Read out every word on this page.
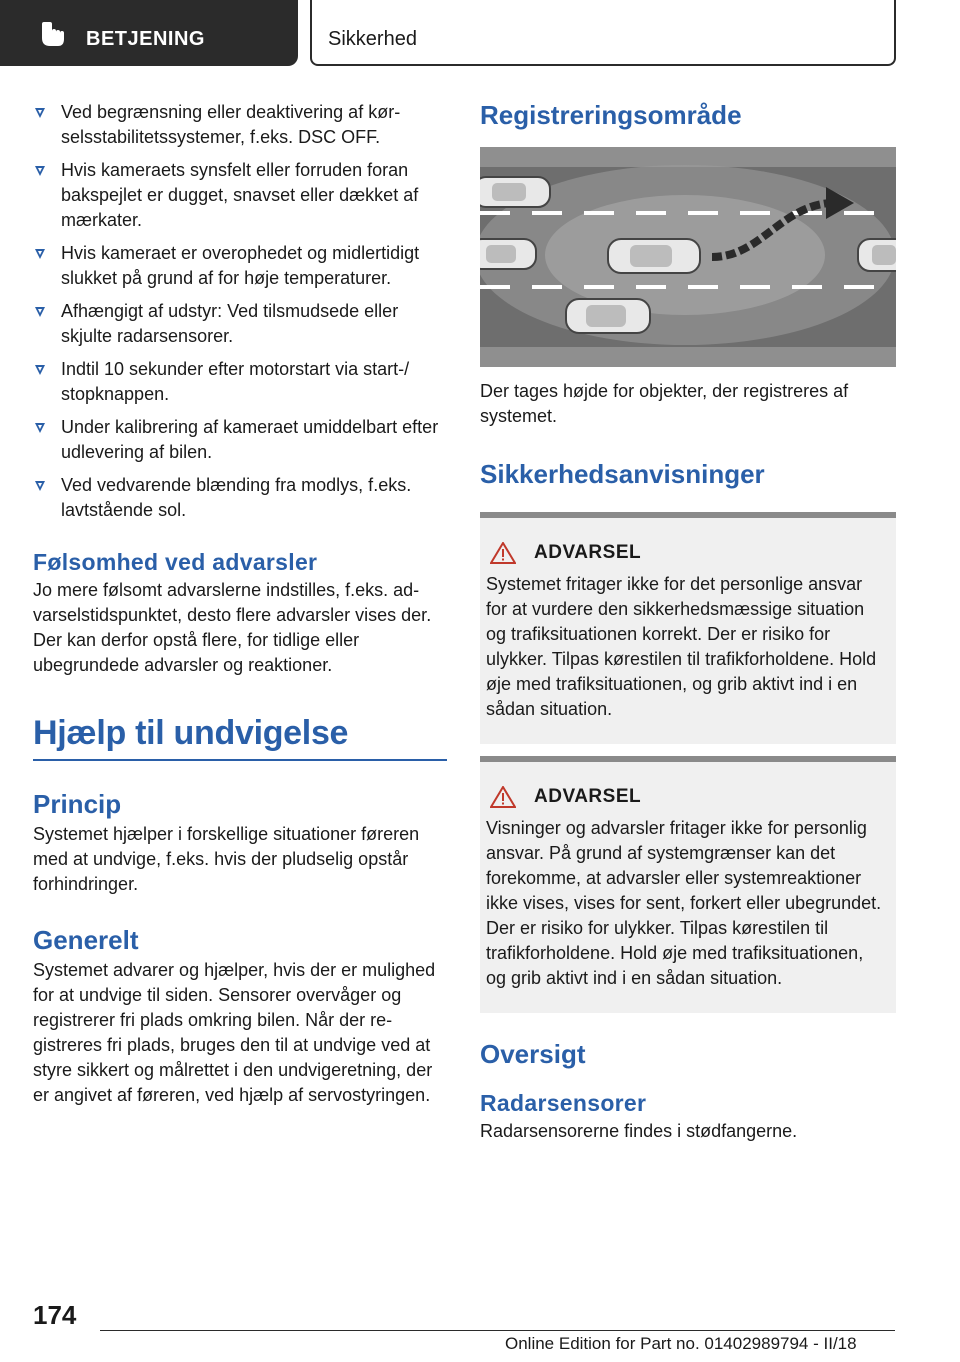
BETJENING	Sikkerhed
Ved begrænsning eller deaktivering af kørselsstabilitetssystemer, f.eks. DSC OFF.
Hvis kameraets synsfelt eller forruden foran bakspejlet er dugget, snavset eller dækket af mærkater.
Hvis kameraet er overophedet og midlertidigt slukket på grund af for høje temperaturer.
Afhængigt af udstyr: Ved tilsmudsede eller skjulte radarsensorer.
Indtil 10 sekunder efter motorstart via start-/ stopknappen.
Under kalibrering af kameraet umiddelbart efter udlevering af bilen.
Ved vedvarende blænding fra modlys, f.eks. lavtstående sol.
Følsomhed ved advarsler

Jo mere følsomt advarslerne indstilles, f.eks. advarselstidspunktet, desto flere advarsler vises der. Der kan derfor opstå flere, for tidlige eller ubegrundede advarsler og reaktioner.

Hjælp til undvigelse
Princip

Systemet hjælper i forskellige situationer føreren med at undvige, f.eks. hvis der pludselig opstår forhindringer.

Generelt

Systemet advarer og hjælper, hvis der er mulighed for at undvige til siden. Sensorer overvåger og registrerer fri plads omkring bilen. Når der registreres fri plads, bruges den til at undvige ved at styre sikkert og målrettet i den undvigeretning, der er angivet af føreren, ved hjælp af servostyringen.

Registreringsområde

Der tages højde for objekter, der registreres af systemet.

Sikkerhedsanvisninger
ADVARSEL

Systemet fritager ikke for det personlige ansvar for at vurdere den sikkerhedsmæssige situation og trafiksituationen korrekt. Der er risiko for ulykker. Tilpas kørestilen til trafikforholdene. Hold øje med trafiksituationen, og grib aktivt ind i en sådan situation.

ADVARSEL

Visninger og advarsler fritager ikke for personlig ansvar. På grund af systemgrænser kan det forekomme, at advarsler eller systemreaktioner ikke vises, vises for sent, forkert eller ubegrundet. Der er risiko for ulykker. Tilpas kørestilen til trafikforholdene. Hold øje med trafiksituationen, og grib aktivt ind i en sådan situation.

Oversigt
Radarsensorer

Radarsensorerne findes i stødfangerne.

174
Online Edition for Part no. 01402989794 - II/18
